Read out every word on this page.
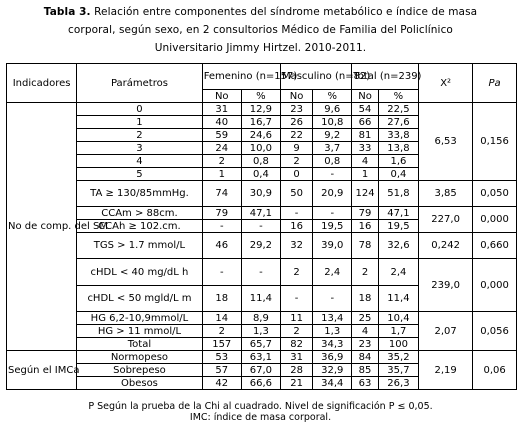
Tabla 3. Relación entre componentes del síndrome metabólico e índice de masa
corporal, según sexo, en 2 consultorios Médico de Familia del Policlínico
Universitario Jimmy Hirtzel. 2010-2011.
Indicadores	Parámetros	Femenino (n=157)		Masculino (n=82)		Total (n=239)		X²	Pa
		No	%	No	%	No	%		
No de comp. del SM	0	31	12,9	23	9,6	54	22,5	6,53	0,156
	1	40	16,7	26	10,8	66	27,6		
	2	59	24,6	22	9,2	81	33,8		
	3	24	10,0	9	3,7	33	13,8		
	4	2	0,8	2	0,8	4	1,6		
	5	1	0,4	0	-	1	0,4		
	TA ≥ 130/85mmHg.	74	30,9	50	20,9	124	51,8	3,85	0,050
	CCAm > 88cm.	79	47,1	-	-	79	47,1	227,0	0,000
	CCAh ≥ 102.cm.	-	-	16	19,5	16	19,5		
	TGS > 1.7 mmol/L	46	29,2	32	39,0	78	32,6	0,242	0,660
	cHDL < 40 mg/dL h	-	-	2	2,4	2	2,4	239,0	0,000
	cHDL < 50 mgld/L m	18	11,4	-	-	18	11,4		
	HG 6,2-10,9mmol/L	14	8,9	11	13,4	25	10,4	2,07	0,056
	HG > 11 mmol/L	2	1,3	2	1,3	4	1,7		
	Total	157	65,7	82	34,3	23	100		
Según el IMCa	Normopeso	53	63,1	31	36,9	84	35,2	2,19	0,06
	Sobrepeso	57	67,0	28	32,9	85	35,7		
	Obesos	42	66,6	21	34,4	63	26,3		
P Según la prueba de la Chi al cuadrado. Nivel de significación P ≤ 0,05.
IMC: índice de masa corporal.
